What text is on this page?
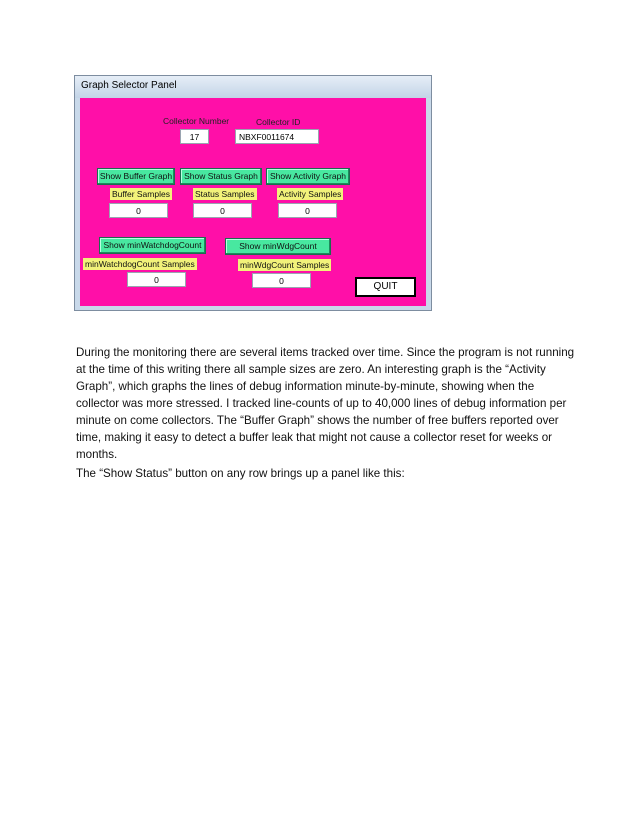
Graph Selector Panel
Collector Number
17
Collector ID
NBXF0011674
Show Buffer Graph	Show Status Graph	Show Activity Graph
Buffer Samples	Status Samples	Activity Samples
0	0	0
Show minWatchdogCount	Show minWdgCount
minWatchdogCount Samples	minWdgCount Samples
0	0	QUIT

During the monitoring there are several items tracked over time. Since the program is not running at the time of this writing there all sample sizes are zero. An interesting graph is the “Activity Graph”, which graphs the lines of debug information minute-by-minute, showing when the collector was more stressed. I tracked line-counts of up to 40,000 lines of debug information per minute on come collectors. The “Buffer Graph” shows the number of free buffers reported over time, making it easy to detect a buffer leak that might not cause a collector reset for weeks or months.

The “Show Status” button on any row brings up a panel like this:
